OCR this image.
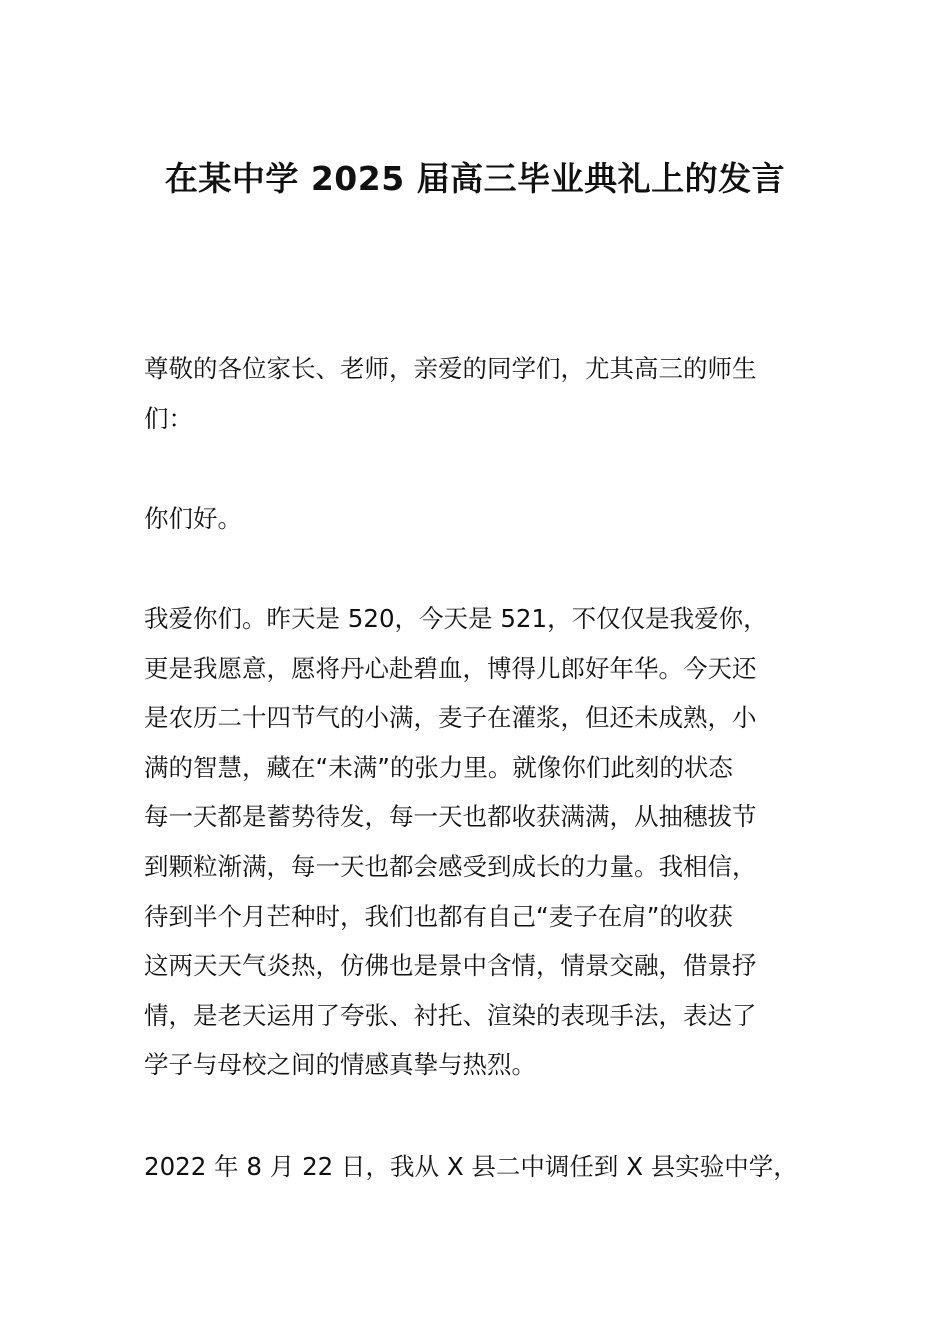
在某中学 2025 届高三毕业典礼上的发言
尊敬的各位家长、老师，亲爱的同学们，尤其高三的师生
们：
你们好。
我爱你们。昨天是 520，今天是 521，不仅仅是我爱你，
更是我愿意，愿将丹心赴碧血，博得儿郎好年华。今天还
是农历二十四节气的小满，麦子在灌浆，但还未成熟，小
满的智慧，藏在“未满”的张力里。就像你们此刻的状态
每一天都是蓄势待发，每一天也都收获满满，从抽穗拔节
到颗粒渐满，每一天也都会感受到成长的力量。我相信，
待到半个月芒种时，我们也都有自己“麦子在肩”的收获
这两天天气炎热，仿佛也是景中含情，情景交融，借景抒
情，是老天运用了夸张、衬托、渲染的表现手法，表达了
学子与母校之间的情感真挚与热烈。
2022 年 8 月 22 日，我从 X 县二中调任到 X 县实验中学，
